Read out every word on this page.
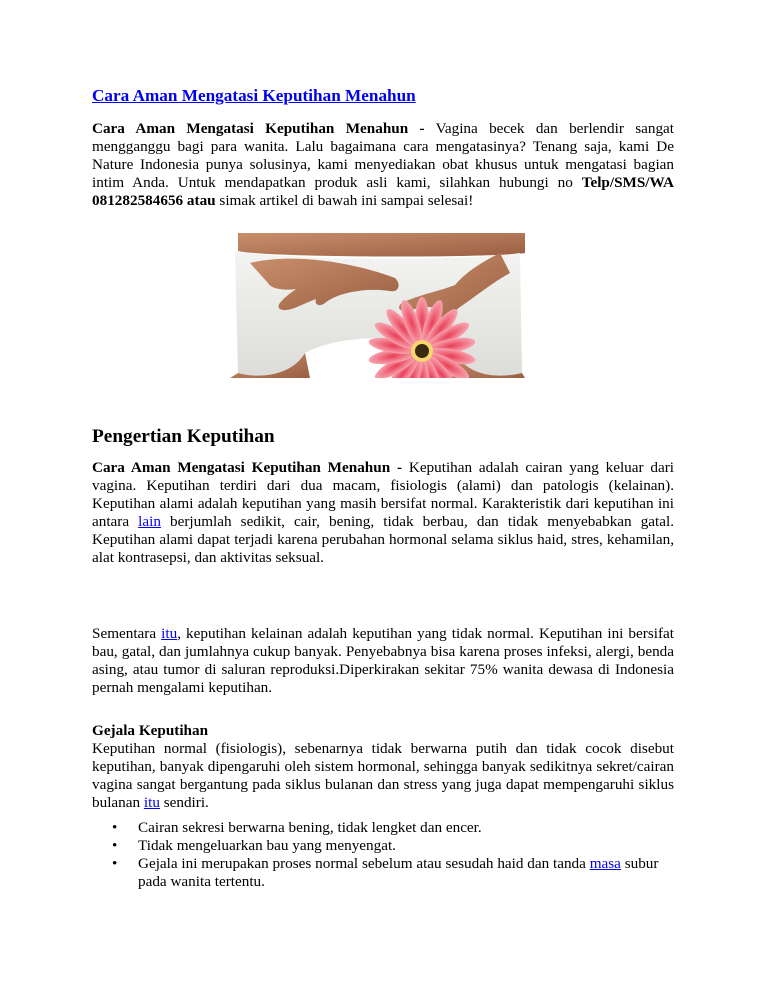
Cara Aman Mengatasi Keputihan Menahun

Cara Aman Mengatasi Keputihan Menahun - Vagina becek dan berlendir sangat mengganggu bagi para wanita. Lalu bagaimana cara mengatasinya? Tenang saja, kami De Nature Indonesia punya solusinya, kami menyediakan obat khusus untuk mengatasi bagian intim Anda. Untuk mendapatkan produk asli kami, silahkan hubungi no Telp/SMS/WA 081282584656 atau simak artikel di bawah ini sampai selesai!

Pengertian Keputihan

Cara Aman Mengatasi Keputihan Menahun - Keputihan adalah cairan yang keluar dari vagina. Keputihan terdiri dari dua macam, fisiologis (alami) dan patologis (kelainan). Keputihan alami adalah keputihan yang masih bersifat normal. Karakteristik dari keputihan ini antara lain berjumlah sedikit, cair, bening, tidak berbau, dan tidak menyebabkan gatal. Keputihan alami dapat terjadi karena perubahan hormonal selama siklus haid, stres, kehamilan, alat kontrasepsi, dan aktivitas seksual.

Sementara itu, keputihan kelainan adalah keputihan yang tidak normal. Keputihan ini bersifat bau, gatal, dan jumlahnya cukup banyak. Penyebabnya bisa karena proses infeksi, alergi, benda asing, atau tumor di saluran reproduksi.Diperkirakan sekitar 75% wanita dewasa di Indonesia pernah mengalami keputihan.

Gejala Keputihan

Keputihan normal (fisiologis), sebenarnya tidak berwarna putih dan tidak cocok disebut keputihan, banyak dipengaruhi oleh sistem hormonal, sehingga banyak sedikitnya sekret/cairan vagina sangat bergantung pada siklus bulanan dan stress yang juga dapat mempengaruhi siklus bulanan itu sendiri.

• Cairan sekresi berwarna bening, tidak lengket dan encer.
• Tidak mengeluarkan bau yang menyengat.
• Gejala ini merupakan proses normal sebelum atau sesudah haid dan tanda masa subur pada wanita tertentu.
